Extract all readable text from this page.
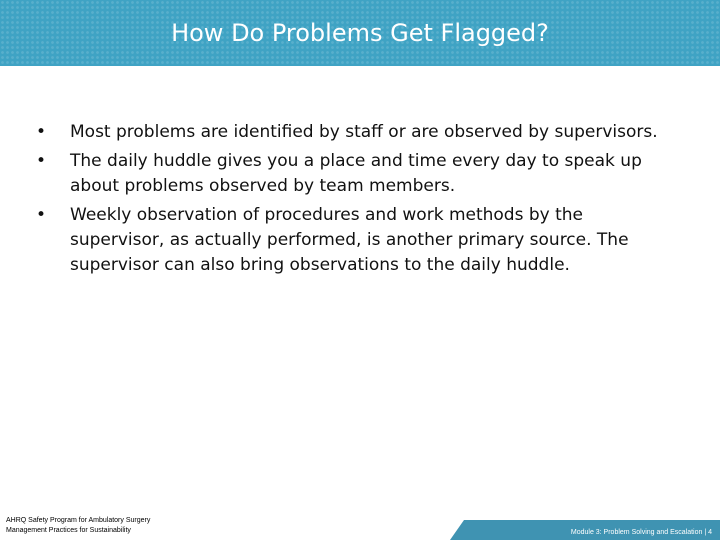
How Do Problems Get Flagged?
• Most problems are identified by staff or are observed by supervisors.
• The daily huddle gives you a place and time every day to speak up about problems observed by team members.
• Weekly observation of procedures and work methods by the supervisor, as actually performed, is another primary source. The supervisor can also bring observations to the daily huddle.
AHRQ Safety Program for Ambulatory Surgery
Management Practices for Sustainability	Module 3: Problem Solving and Escalation | 4
